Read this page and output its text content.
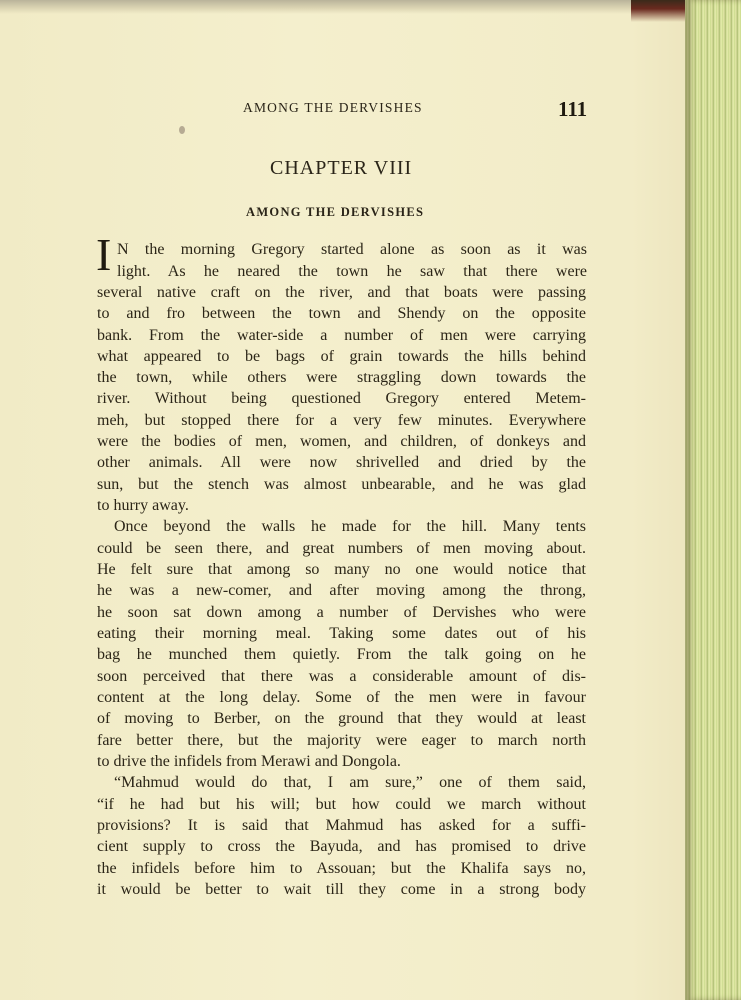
AMONG THE DERVISHES	111
CHAPTER VIII
AMONG THE DERVISHES
I N the morning Gregory started alone as soon as it was
light. As he neared the town he saw that there were
several native craft on the river, and that boats were passing
to and fro between the town and Shendy on the opposite
bank. From the water-side a number of men were carrying
what appeared to be bags of grain towards the hills behind
the town, while others were straggling down towards the
river. Without being questioned Gregory entered Metem-
meh, but stopped there for a very few minutes. Everywhere
were the bodies of men, women, and children, of donkeys and
other animals. All were now shrivelled and dried by the
sun, but the stench was almost unbearable, and he was glad
to hurry away.
Once beyond the walls he made for the hill. Many tents
could be seen there, and great numbers of men moving about.
He felt sure that among so many no one would notice that
he was a new-comer, and after moving among the throng,
he soon sat down among a number of Dervishes who were
eating their morning meal. Taking some dates out of his
bag he munched them quietly. From the talk going on he
soon perceived that there was a considerable amount of dis-
content at the long delay. Some of the men were in favour
of moving to Berber, on the ground that they would at least
fare better there, but the majority were eager to march north
to drive the infidels from Merawi and Dongola.
“Mahmud would do that, I am sure,” one of them said,
“if he had but his will; but how could we march without
provisions? It is said that Mahmud has asked for a suffi-
cient supply to cross the Bayuda, and has promised to drive
the infidels before him to Assouan; but the Khalifa says no,
it would be better to wait till they come in a strong body
